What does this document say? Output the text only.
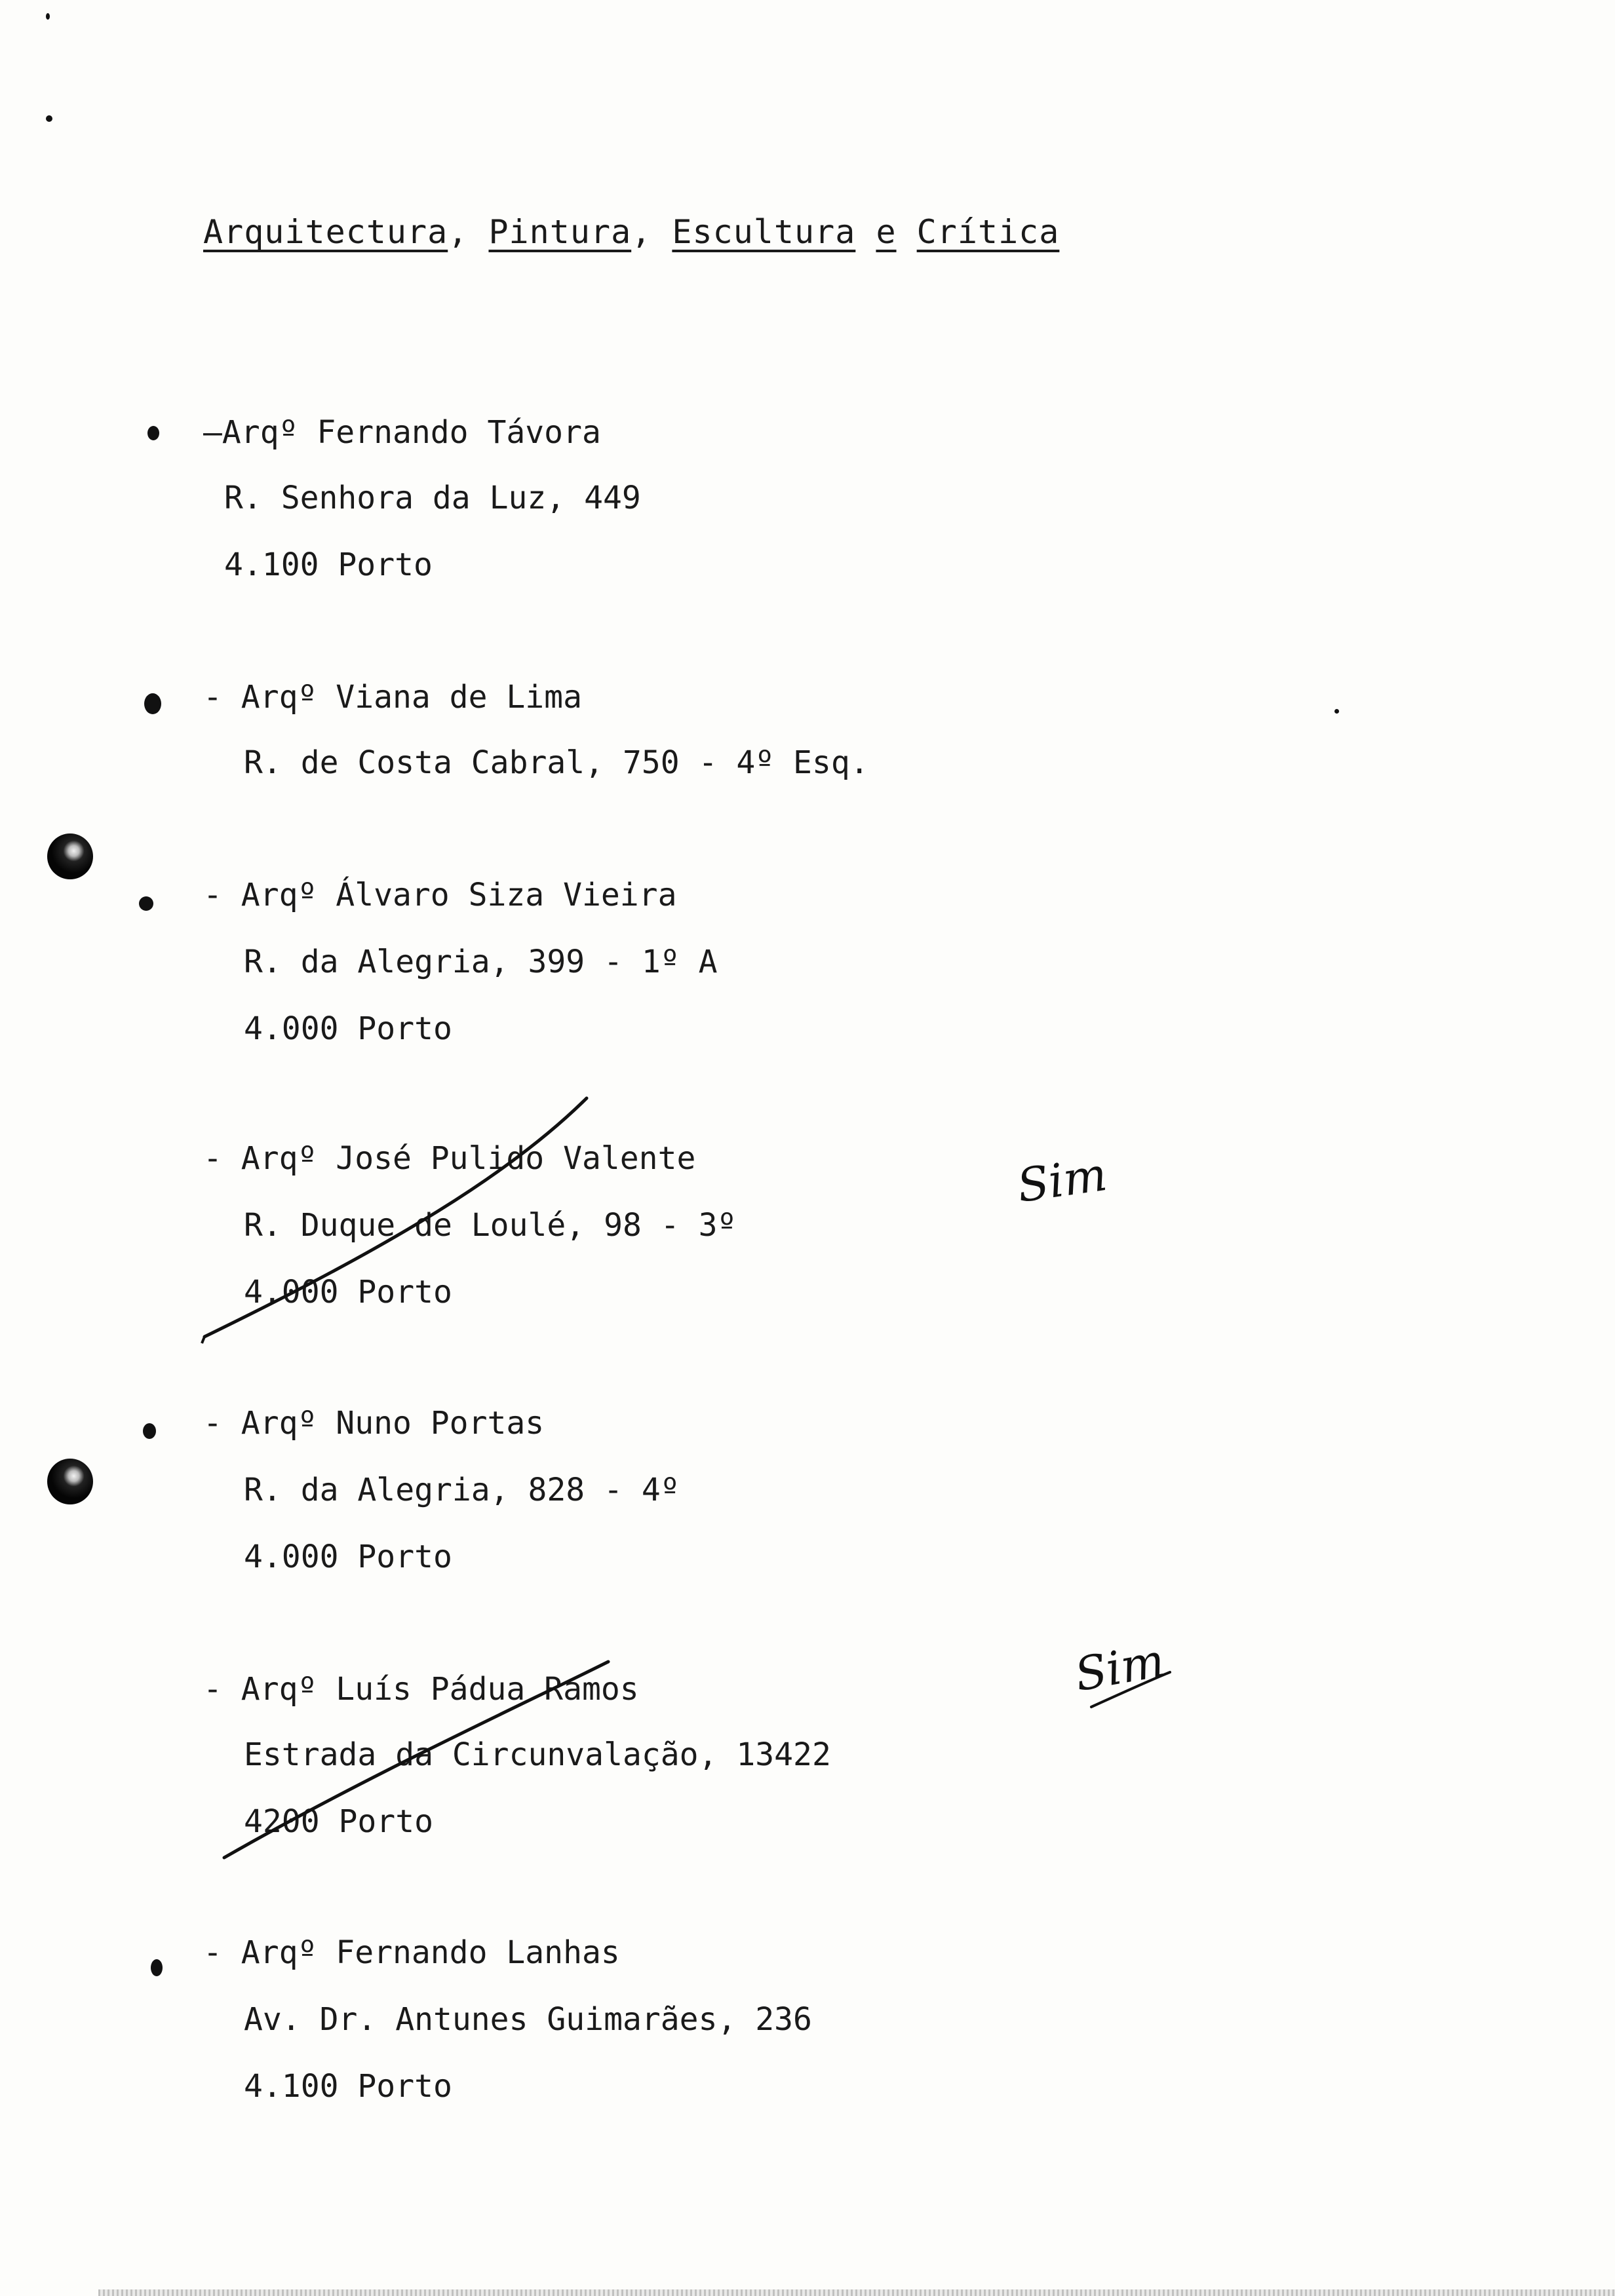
Arquitectura, Pintura, Escultura e Crítica
—Arqº Fernando Távora
R. Senhora da Luz, 449
4.100 Porto
- Arqº Viana de Lima
R. de Costa Cabral, 750 - 4º Esq.
- Arqº Álvaro Siza Vieira
R. da Alegria, 399 - 1º A
4.000 Porto
- Arqº José Pulido Valente
R. Duque de Loulé, 98 - 3º
4.000 Porto
- Arqº Nuno Portas
R. da Alegria, 828 - 4º
4.000 Porto
- Arqº Luís Pádua Ramos
Estrada da Circunvalação, 13422
4200 Porto
- Arqº Fernando Lanhas
Av. Dr. Antunes Guimarães, 236
4.100 Porto
Sim
Sim
